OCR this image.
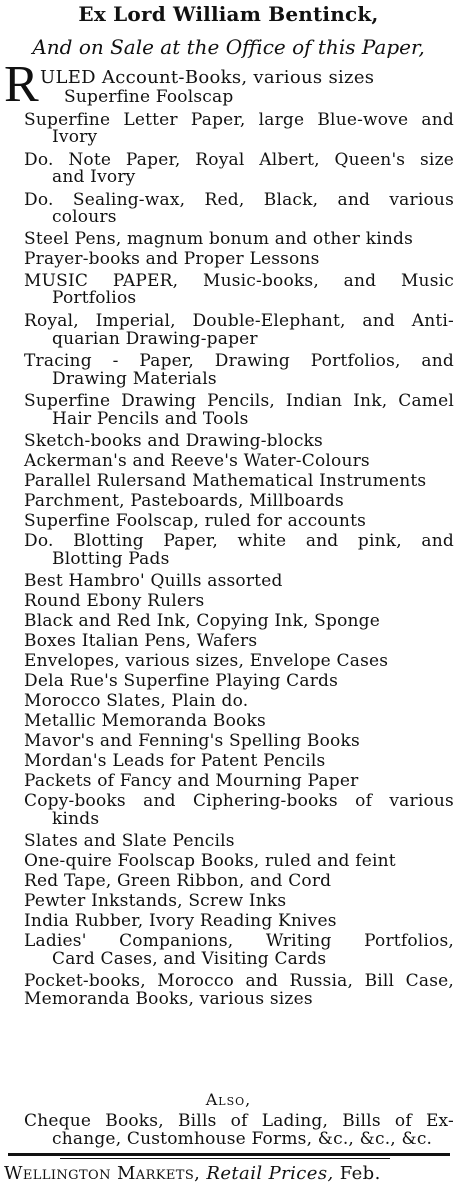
Ex Lord William Bentinck,
And on Sale at the Office of this Paper,
R ULED Account-Books, various sizes
Superfine Foolscap
Superfine Letter Paper, large Blue-wove and
Ivory
Do. Note Paper, Royal Albert, Queen's size
and Ivory
Do. Sealing-wax, Red, Black, and various
colours
Steel Pens, magnum bonum and other kinds
Prayer-books and Proper Lessons
MUSIC PAPER, Music-books, and Music
Portfolios
Royal, Imperial, Double-Elephant, and Anti-
quarian Drawing-paper
Tracing - Paper, Drawing Portfolios, and
Drawing Materials
Superfine Drawing Pencils, Indian Ink, Camel
Hair Pencils and Tools
Sketch-books and Drawing-blocks
Ackerman's and Reeve's Water-Colours
Parallel Rulersand Mathematical Instruments
Parchment, Pasteboards, Millboards
Superfine Foolscap, ruled for accounts
Do. Blotting Paper, white and pink, and
Blotting Pads
Best Hambro' Quills assorted
Round Ebony Rulers
Black and Red Ink, Copying Ink, Sponge
Boxes Italian Pens, Wafers
Envelopes, various sizes, Envelope Cases
Dela Rue's Superfine Playing Cards
Morocco Slates, Plain do.
Metallic Memoranda Books
Mavor's and Fenning's Spelling Books
Mordan's Leads for Patent Pencils
Packets of Fancy and Mourning Paper
Copy-books and Ciphering-books of various
kinds
Slates and Slate Pencils
One-quire Foolscap Books, ruled and feint
Red Tape, Green Ribbon, and Cord
Pewter Inkstands, Screw Inks
India Rubber, Ivory Reading Knives
Ladies' Companions, Writing Portfolios,
Card Cases, and Visiting Cards
Pocket-books, Morocco and Russia, Bill Case,
Memoranda Books, various sizes
Also,
Cheque Books, Bills of Lading, Bills of Ex-
change, Customhouse Forms, &c., &c., &c.
Wellington Markets, Retail Prices, Feb.
